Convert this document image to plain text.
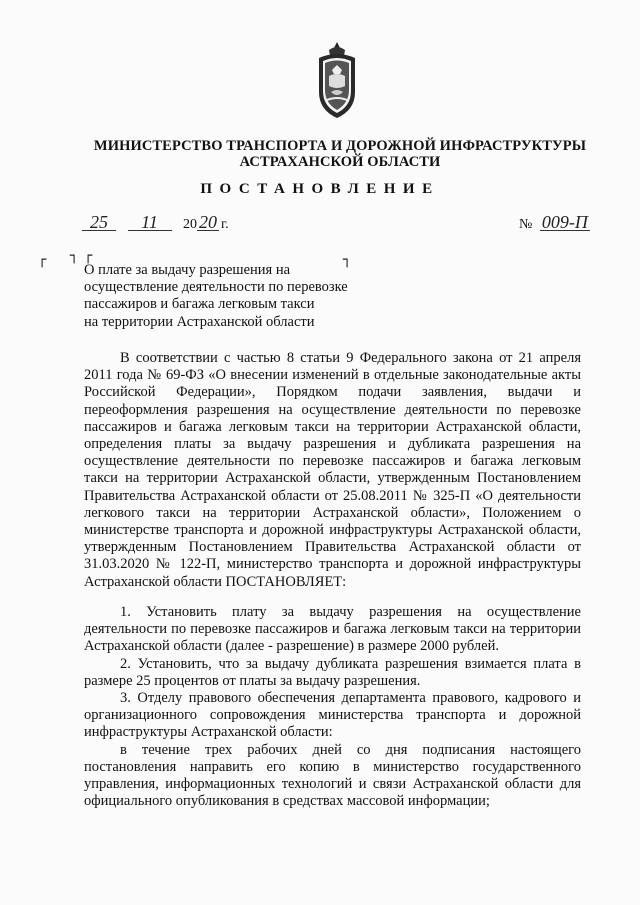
МИНИСТЕРСТВО ТРАНСПОРТА И ДОРОЖНОЙ ИНФРАСТРУКТУРЫ
АСТРАХАНСКОЙ ОБЛАСТИ
ПОСТАНОВЛЕНИЕ
25 11 20 20 г.	№ 009-П
┌ ┐ ┌	┐
О плате за выдачу разрешения на
осуществление деятельности по перевозке
пассажиров и багажа легковым такси
на территории Астраханской области
В соответствии с частью 8 статьи 9 Федерального закона от 21 апреля 2011 года № 69-ФЗ «О внесении изменений в отдельные законодательные акты Российской Федерации», Порядком подачи заявления, выдачи и переоформления разрешения на осуществление деятельности по перевозке пассажиров и багажа легковым такси на территории Астраханской области, определения платы за выдачу разрешения и дубликата разрешения на осуществление деятельности по перевозке пассажиров и багажа легковым такси на территории Астраханской области, утвержденным Постановлением Правительства Астраханской области от 25.08.2011 № 325-П «О деятельности легкового такси на территории Астраханской области», Положением о министерстве транспорта и дорожной инфраструктуры Астраханской области, утвержденным Постановлением Правительства Астраханской области от 31.03.2020 № 122-П, министерство транспорта и дорожной инфраструктуры Астраханской области ПОСТАНОВЛЯЕТ:
1. Установить плату за выдачу разрешения на осуществление деятельности по перевозке пассажиров и багажа легковым такси на территории Астраханской области (далее - разрешение) в размере 2000 рублей.
2. Установить, что за выдачу дубликата разрешения взимается плата в размере 25 процентов от платы за выдачу разрешения.
3. Отделу правового обеспечения департамента правового, кадрового и организационного сопровождения министерства транспорта и дорожной инфраструктуры Астраханской области:
в течение трех рабочих дней со дня подписания настоящего постановления направить его копию в министерство государственного управления, информационных технологий и связи Астраханской области для официального опубликования в средствах массовой информации;
